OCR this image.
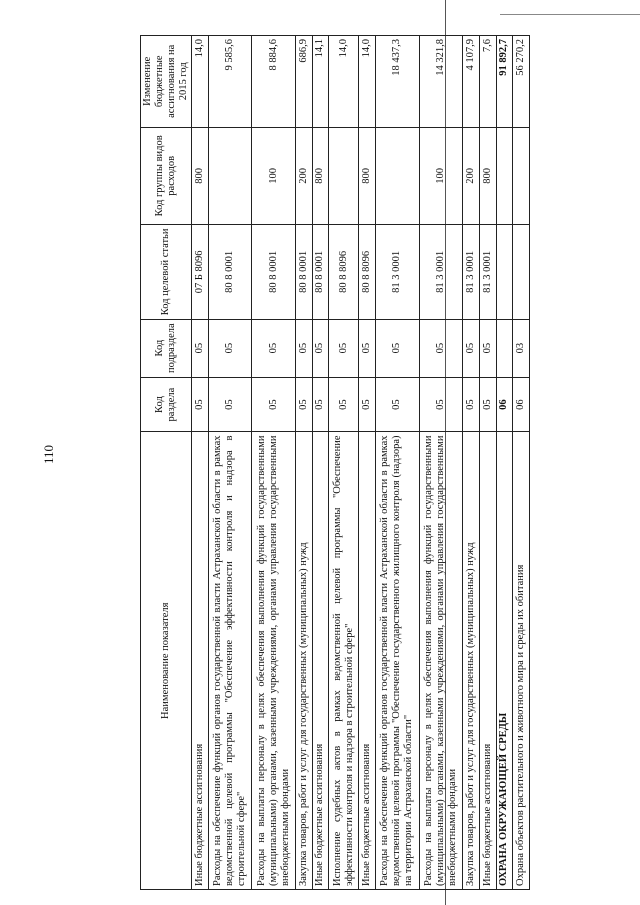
110
Наименование показателя	Код раздела	Код подраздела	Код целевой статьи	Код группы видов расходов	Изменение бюджетные ассигнования на 2015 год
Иные бюджетные ассигнования	05	05	07 Б 8096	800	14,0
Расходы на обеспечение функций органов государственной власти Астраханской области в рамках ведомственной целевой программы "Обеспечение эффективности контроля и надзора в строительной сфере"	05	05	80 8 0001		9 585,6
Расходы на выплаты персоналу в целях обеспечения выполнения функций государственными (муниципальными) органами, казенными учреждениями, органами управления государственными внебюджетными фондами	05	05	80 8 0001	100	8 884,6
Закупка товаров, работ и услуг для государственных (муниципальных) нужд	05	05	80 8 0001	200	686,9
Иные бюджетные ассигнования	05	05	80 8 0001	800	14,1
Исполнение судебных актов в рамках ведомственной целевой программы "Обеспечение эффективности контроля и надзора в строительной сфере"	05	05	80 8 8096		14,0
Иные бюджетные ассигнования	05	05	80 8 8096	800	14,0
Расходы на обеспечение функций органов государственной власти Астраханской области в рамках ведомственной целевой программы "Обеспечение государственного жилищного контроля (надзора) на территории Астраханской области"	05	05	81 3 0001		18 437,3
Расходы на выплаты персоналу в целях обеспечения выполнения функций государственными (муниципальными) органами, казенными учреждениями, органами управления государственными внебюджетными фондами	05	05	81 3 0001	100	14 321,8
Закупка товаров, работ и услуг для государственных (муниципальных) нужд	05	05	81 3 0001	200	4 107,9
Иные бюджетные ассигнования	05	05	81 3 0001	800	7,6
ОХРАНА ОКРУЖАЮЩЕЙ СРЕДЫ	06				91 892,7
Охрана объектов растительного и животного мира и среды их обитания	06	03			56 270,2
